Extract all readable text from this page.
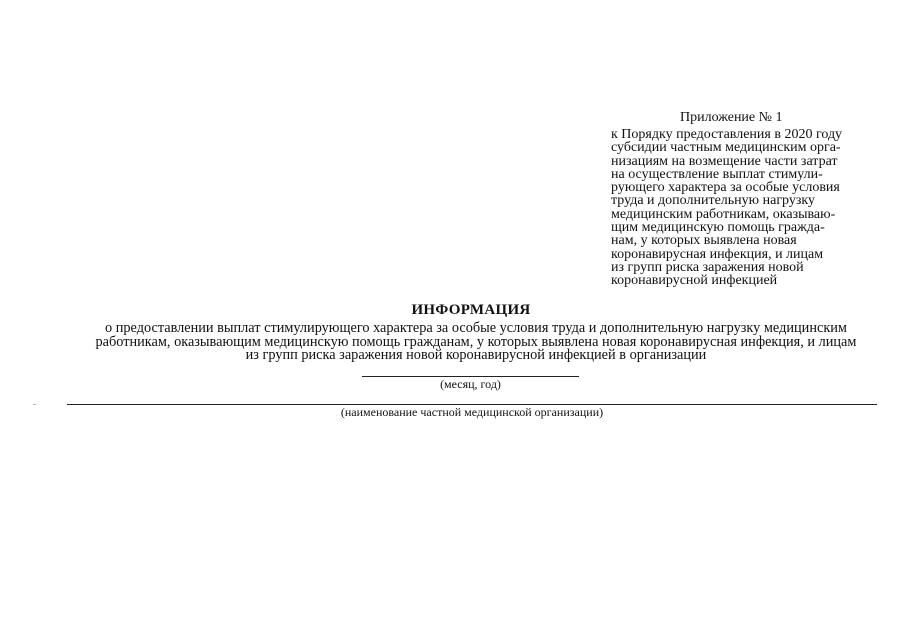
Приложение № 1
к Порядку предоставления в 2020 году
субсидии частным медицинским орга-
низациям на возмещение части затрат
на осуществление выплат стимули-
рующего характера за особые условия
труда и дополнительную нагрузку
медицинским работникам, оказываю-
щим медицинскую помощь гражда-
нам, у которых выявлена новая
коронавирусная инфекция, и лицам
из групп риска заражения новой
коронавирусной инфекцией
ИНФОРМАЦИЯ
о предоставлении выплат стимулирующего характера за особые условия труда и дополнительную нагрузку медицинским
работникам, оказывающим медицинскую помощь гражданам, у которых выявлена новая коронавирусная инфекция, и лицам
из групп риска заражения новой коронавирусной инфекцией в организации
(месяц, год)
(наименование частной медицинской организации)
